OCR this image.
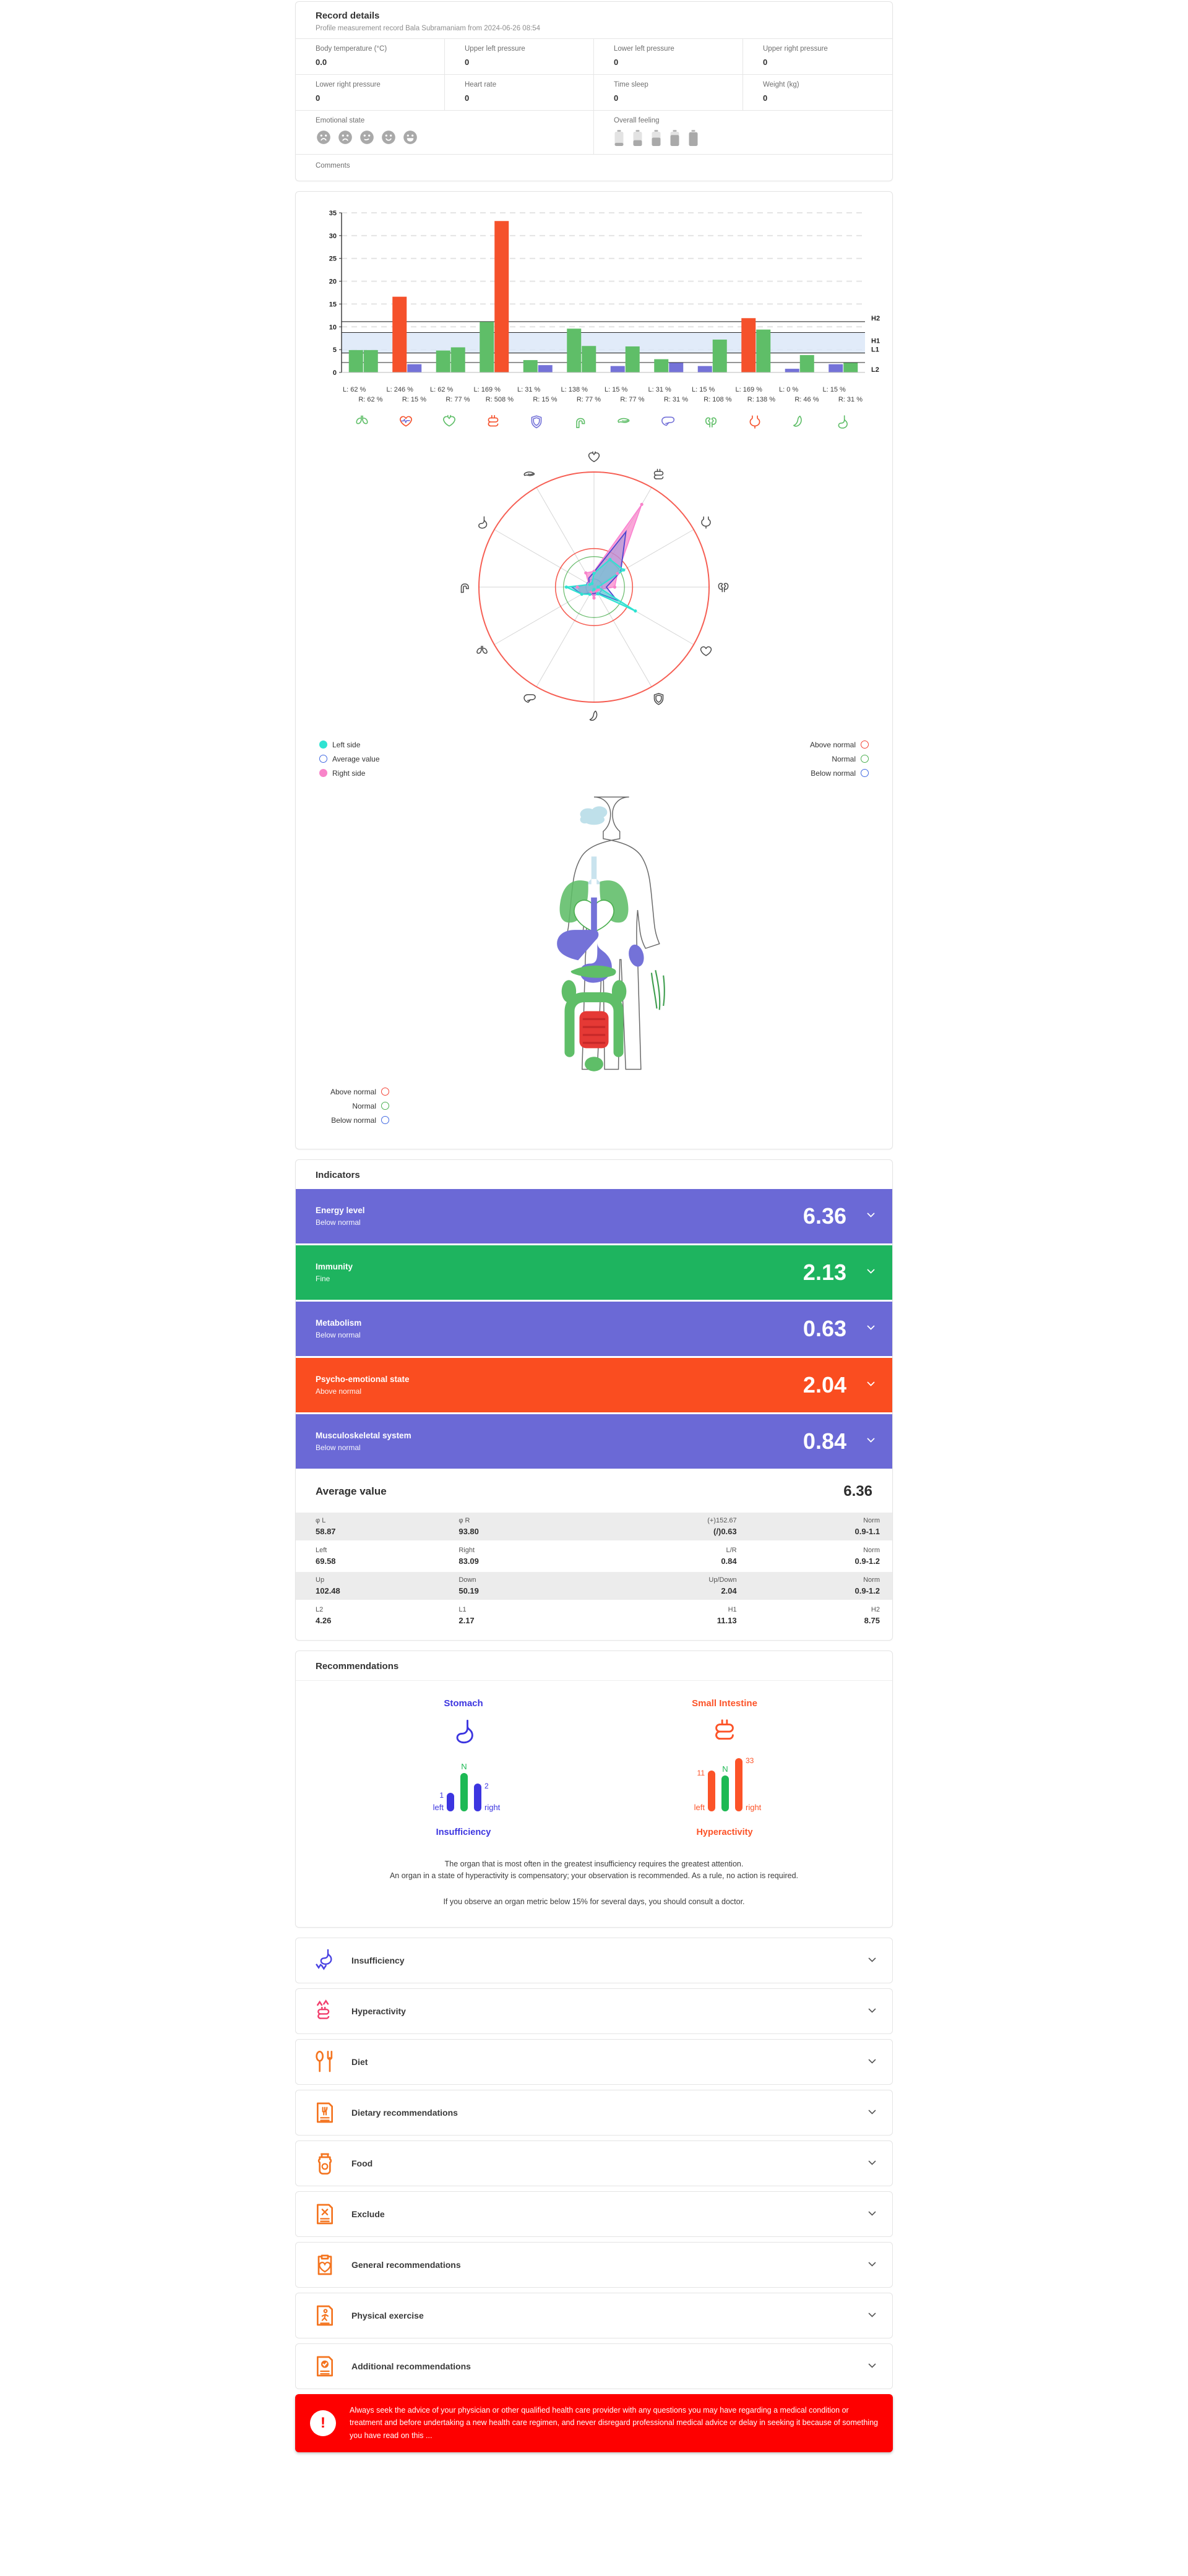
Record details
Profile measurement record Bala Subramaniam from 2024-06-26 08:54
Body temperature (°C)
0.0
Upper left pressure
0
Lower left pressure
0
Upper right pressure
0
Lower right pressure
0
Heart rate
0
Time sleep
0
Weight (kg)
0
Emotional state	Overall feeling
Comments
H2
H1
L1
L2
0
5
10
15
20
25
30
35
L: 62 %
R: 62 %
L: 246 %
R: 15 %
L: 62 %
R: 77 %
L: 169 %
R: 508 %
L: 31 %
R: 15 %
L: 138 %
R: 77 %
L: 15 %
R: 77 %
L: 31 %
R: 31 %
L: 15 %
R: 108 %
L: 169 %
R: 138 %
L: 0 %
R: 46 %
L: 15 %
R: 31 %
Left side
Average value
Right side
Above normal
Normal
Below normal
Above normal
Normal
Below normal
Indicators
Energy level
Below normal	6.36
Immunity
Fine	2.13
Metabolism
Below normal	0.63
Psycho-emotional state
Above normal	2.04
Musculoskeletal system
Below normal	0.84
Average value	6.36
φ L
58.87
φ R
93.80
(+)152.67
(/)0.63
Norm
0.9-1.1
Left
69.58
Right
83.09
L/R
0.84
Norm
0.9-1.2
Up
102.48
Down
50.19
Up/Down
2.04
Norm
0.9-1.2
L2
4.26
L1
2.17
H1
11.13
H2
8.75
Recommendations
Stomach
1
N
2
left	right
Insufficiency
Small Intestine
11 N
33
left	right
Hyperactivity
The organ that is most often in the greatest insufficiency requires the greatest attention.
An organ in a state of hyperactivity is compensatory; your observation is recommended. As a rule, no action is required.
If you observe an organ metric below 15% for several days, you should consult a doctor.
Insufficiency
Hyperactivity
Diet
Dietary recommendations
Food
Exclude
General recommendations
Physical exercise
Additional recommendations
!
Always seek the advice of your physician or other qualified health care provider with any questions you may have regarding a medical condition or treatment and before undertaking a new health care regimen, and never disregard professional medical advice or delay in seeking it because of something you have read on this ...
